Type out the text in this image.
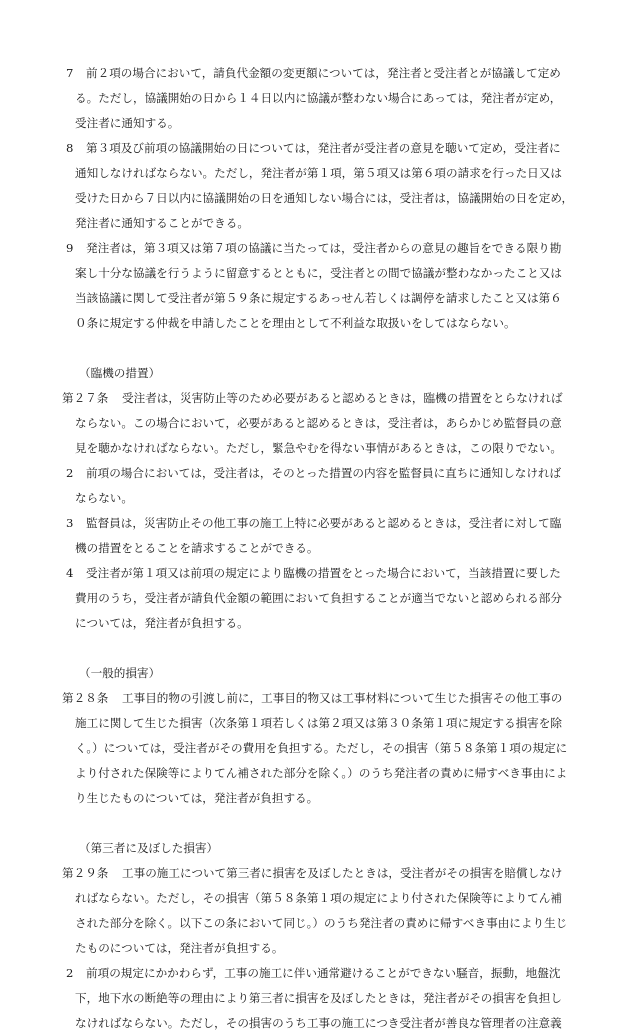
7 前２項の場合において，請負代金額の変更額については，発注者と受注者とが協議して定め
る。ただし，協議開始の日から１４日以内に協議が整わない場合にあっては，発注者が定め，
受注者に通知する。
8 第３項及び前項の協議開始の日については，発注者が受注者の意見を聴いて定め，受注者に
通知しなければならない。ただし，発注者が第１項，第５項又は第６項の請求を行った日又は
受けた日から７日以内に協議開始の日を通知しない場合には，受注者は，協議開始の日を定め，
発注者に通知することができる。
9 発注者は，第３項又は第７項の協議に当たっては，受注者からの意見の趣旨をできる限り勘
案し十分な協議を行うように留意するとともに，受注者との間で協議が整わなかったこと又は
当該協議に関して受注者が第５９条に規定するあっせん若しくは調停を請求したこと又は第６
０条に規定する仲裁を申請したことを理由として不利益な取扱いをしてはならない。
（臨機の措置）
第２７条 受注者は，災害防止等のため必要があると認めるときは，臨機の措置をとらなければ
ならない。この場合において，必要があると認めるときは，受注者は，あらかじめ監督員の意
見を聴かなければならない。ただし，緊急やむを得ない事情があるときは，この限りでない。
2 前項の場合においては，受注者は，そのとった措置の内容を監督員に直ちに通知しなければ
ならない。
3 監督員は，災害防止その他工事の施工上特に必要があると認めるときは，受注者に対して臨
機の措置をとることを請求することができる。
4 受注者が第１項又は前項の規定により臨機の措置をとった場合において，当該措置に要した
費用のうち，受注者が請負代金額の範囲において負担することが適当でないと認められる部分
については，発注者が負担する。
（一般的損害）
第２８条 工事目的物の引渡し前に，工事目的物又は工事材料について生じた損害その他工事の
施工に関して生じた損害（次条第１項若しくは第２項又は第３０条第１項に規定する損害を除
く。）については，受注者がその費用を負担する。ただし，その損害（第５８条第１項の規定に
より付された保険等によりてん補された部分を除く。）のうち発注者の責めに帰すべき事由によ
り生じたものについては，発注者が負担する。
（第三者に及ぼした損害）
第２９条 工事の施工について第三者に損害を及ぼしたときは，受注者がその損害を賠償しなけ
ればならない。ただし，その損害（第５８条第１項の規定により付された保険等によりてん補
された部分を除く。以下この条において同じ。）のうち発注者の責めに帰すべき事由により生じ
たものについては，発注者が負担する。
2 前項の規定にかかわらず，工事の施工に伴い通常避けることができない騒音，振動，地盤沈
下，地下水の断絶等の理由により第三者に損害を及ぼしたときは，発注者がその損害を負担し
なければならない。ただし，その損害のうち工事の施工につき受注者が善良な管理者の注意義
